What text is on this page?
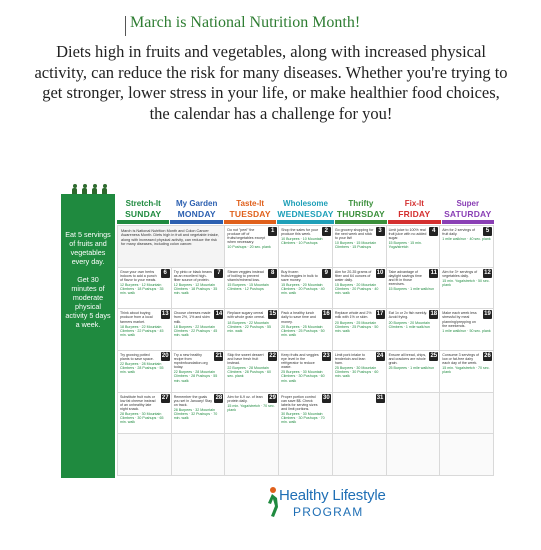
March is National Nutrition Month!
Diets high in fruits and vegetables, along with increased physical activity, can reduce the risk for many diseases. Whether you're trying to get stronger, lower stress in your life, or make healthier food choices, the calendar has a challenge for you!

Eat 5 servings of fruits and vegetables every day.

Get 30 minutes of moderate physical activity 5 days a week.

Stretch-It
SUNDAY
My Garden
MONDAY
Taste-It
TUESDAY
Wholesome
WEDNESDAY
Thrifty
THURSDAY
Fix-It
FRIDAY
Super
SATURDAY
March is National Nutrition Month and Colon Cancer Awareness Month. Diets high in fruit and vegetable intake, along with increased physical activity, can reduce the risk for many diseases, including colon cancer.
1
Do not "peel" the produce off of fruits/vegetables except when necessary.
10 Pushups · 20 sec. plank
2
Shop the sales for your produce this week.
10 Burpees · 10 Mountain Climbers · 10 Pushups
3
Go grocery shopping for the next week and stick to your list!
10 Burpees · 15 Mountain Climbers · 15 Pushups
4
Limit juice to 100% real fruit juice with no added sugar.
15 Burpees · 15 min. Yoga/stretch
5
Aim for 2 servings of fruit daily.
1 mile walk/run · 40 sec. plank
6
Grow your own herbs indoors to add a punch of flavor to your meals.
12 Burpees · 12 Mountain Climbers · 18 Pushups · 35 min. walk
7
Try pinto or black beans as an excellent high-fiber source of protein.
12 Burpees · 12 Mountain Climbers · 18 Pushups · 35 min. walk
8
Steam veggies instead of boiling to prevent vitamin/mineral loss.
15 Burpees · 15 Mountain Climbers · 12 Pushups
9
Buy frozen fruits/veggies in bulk to save money.
15 Burpees · 20 Mountain Climbers · 20 Pushups · 40 min. walk
10
Aim for 20-35 grams of fiber and 64 ounces of water daily.
15 Burpees · 20 Mountain Climbers · 20 Pushups · 40 min. walk
11
Take advantage of daylight savings time and fit in those exercises.
15 Burpees · 1 mile walk/run
12
Aim for 3+ servings of vegetables daily.
15 min. Yoga/stretch · 50 sec. plank
13
Think about buying produce from a local farmers market.
18 Burpees · 22 Mountain Climbers · 22 Pushups · 45 min. walk
14
Choose cheeses made from 2%, 1% and skim milk.
18 Burpees · 22 Mountain Climbers · 22 Pushups · 45 min. walk
15
Replace sugary cereal with whole grain cereal.
18 Burpees · 22 Mountain Climbers · 22 Pushups · 55 min. walk
16
Pack a healthy lunch daily to save time and money.
20 Burpees · 25 Mountain Climbers · 25 Pushups · 50 min. walk
17
Replace whole and 2% milk with 1% or skim.
20 Burpees · 25 Mountain Climbers · 25 Pushups · 50 min. walk
18
Eat 1x or 2x fish weekly. Avoid frying.
20 Burpees · 20 Mountain Climbers · 1 mile walk/run
19
Make each week less stressful by meal planning/prepping on the weekends.
1 mile walk/run · 50 sec. plank
20
Try growing potted plants to save space.
22 Burpees · 28 Mountain Climbers · 28 Pushups · 55 min. walk
21
Try a new healthy recipe from mpnbnfoundation.org today.
22 Burpees · 28 Mountain Climbers · 28 Pushups · 55 min. walk
22
Skip the sweet dessert and have fresh fruit instead.
22 Burpees · 28 Mountain Climbers · 28 Pushups · 60 sec. plank
23
Keep fruits and veggies eye level in the refrigerator to reduce waste.
25 Burpees · 30 Mountain Climbers · 30 Pushups · 60 min. walk
24
Limit pork intake to tenderloin and lean ham.
25 Burpees · 30 Mountain Climbers · 30 Pushups · 60 min. walk
25
Ensure all bread, chips, and crackers are whole grain.
25 Burpees · 1 mile walk/run
26
Consume 3 servings of low or fat-free dairy each day of the week.
15 min. Yoga/stretch · 70 sec. plank
27
Substitute fruit nuts or low fat cheese instead of an unhealthy late night snack.
28 Burpees · 30 Mountain Climbers · 30 Pushups · 65 min. walk
28
Remember the goals you set in January! Stay on track.
28 Burpees · 32 Mountain Climbers · 32 Pushups · 70 min. walk
29
Aim for 6-9 oz. of lean protein daily.
15 min. Yoga/stretch · 70 sec. plank
30
Proper portion control can save $$. Check labels for serving sizes and limit portions.
30 Burpees · 30 Mountain Climbers · 30 Pushups · 70 min. walk
31
Healthy Lifestyle
PROGRAM
